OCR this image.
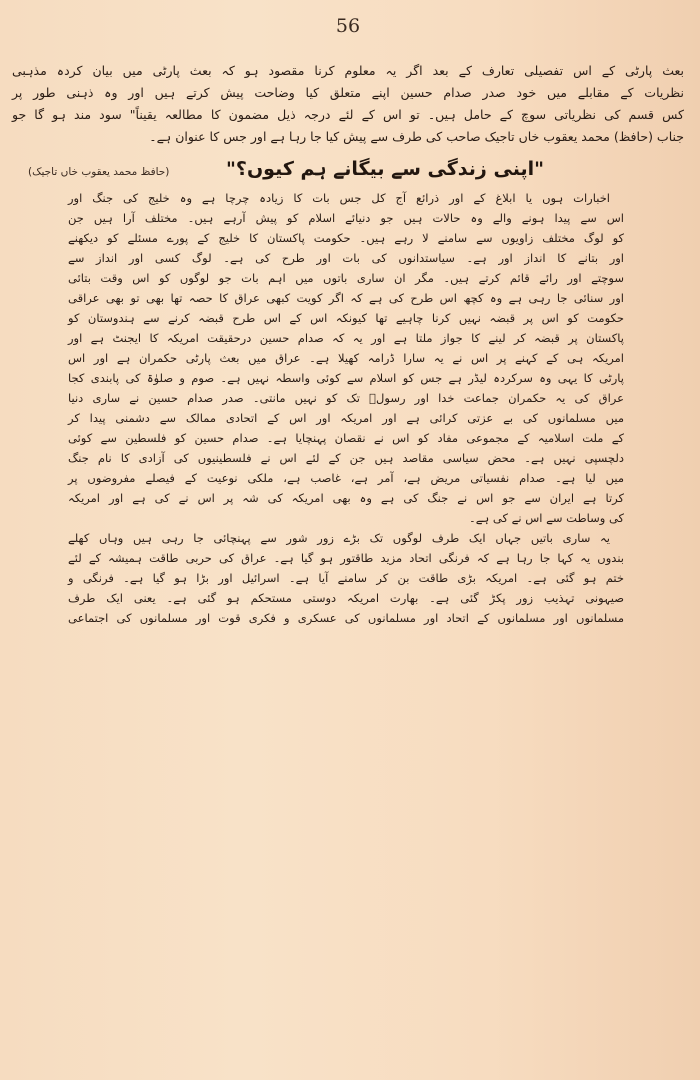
56
بعث پارٹی کے اس تفصیلی تعارف کے بعد اگر یہ معلوم کرنا مقصود ہو کہ بعث پارٹی میں بیان کردہ مذہبی
نظریات کے مقابلے میں خود صدر صدام حسین اپنے متعلق کیا وضاحت پیش کرتے ہیں اور وہ ذہنی طور پر
کس قسم کی نظریاتی سوچ کے حامل ہیں۔ تو اس کے لئے درجہ ذیل مضمون کا مطالعہ یقیناً" سود مند ہو گا جو
جناب (حافظ) محمد یعقوب خاں تاجیک صاحب کی طرف سے پیش کیا جا رہا ہے اور جس کا عنوان ہے۔
"اپنی زندگی سے بیگانے ہم کیوں؟"
(حافظ محمد یعقوب خاں تاجیک)
اخبارات ہوں یا ابلاغ کے اور ذرائع آج کل جس بات کا زیادہ چرچا ہے وہ خلیج کی جنگ اور
اس سے پیدا ہونے والے وہ حالات ہیں جو دنیائے اسلام کو پیش آرہے ہیں۔ مختلف آرا ہیں جن
کو لوگ مختلف زاویوں سے سامنے لا رہے ہیں۔ حکومت پاکستان کا خلیج کے پورے مسئلے کو دیکھنے
اور بتانے کا انداز اور ہے۔ سیاستدانوں کی بات اور طرح کی ہے۔ لوگ کسی اور انداز سے
سوچتے اور رائے قائم کرتے ہیں۔ مگر ان ساری باتوں میں اہم بات جو لوگوں کو اس وقت بتائی
اور سنائی جا رہی ہے وہ کچھ اس طرح کی ہے کہ اگر کویت کبھی عراق کا حصہ تھا بھی تو بھی عراقی
حکومت کو اس پر قبضہ نہیں کرنا چاہیے تھا کیونکہ اس کے اس طرح قبضہ کرنے سے ہندوستان کو
پاکستان پر قبضہ کر لینے کا جواز ملتا ہے اور یہ کہ صدام حسین درحقیقت امریکہ کا ایجنٹ ہے اور
امریکہ ہی کے کہنے پر اس نے یہ سارا ڈرامہ کھیلا ہے۔ عراق میں بعث پارٹی حکمران ہے اور اس
پارٹی کا یہی وہ سرکردہ لیڈر ہے جس کو اسلام سے کوئی واسطہ نہیں ہے۔ صوم و صلوٰۃ کی پابندی کجا
عراق کی یہ حکمران جماعت خدا اور رسولؐ تک کو نہیں مانتی۔ صدر صدام حسین نے ساری دنیا
میں مسلمانوں کی بے عزتی کرائی ہے اور امریکہ اور اس کے اتحادی ممالک سے دشمنی پیدا کر
کے ملت اسلامیہ کے مجموعی مفاد کو اس نے نقصان پہنچایا ہے۔ صدام حسین کو فلسطین سے کوئی
دلچسپی نہیں ہے۔ محض سیاسی مقاصد ہیں جن کے لئے اس نے فلسطینیوں کی آزادی کا نام جنگ
میں لیا ہے۔ صدام نفسیاتی مریض ہے، آمر ہے، غاصب ہے، ملکی نوعیت کے فیصلے مفروضوں پر
کرتا ہے ایران سے جو اس نے جنگ کی ہے وہ بھی امریکہ کی شہ پر اس نے کی ہے اور امریکہ
کی وساطت سے اس نے کی ہے۔
یہ ساری باتیں جہاں ایک طرف لوگوں تک بڑے زور شور سے پہنچائی جا رہی ہیں وہاں کھلے
بندوں یہ کہا جا رہا ہے کہ فرنگی اتحاد مزید طاقتور ہو گیا ہے۔ عراق کی حربی طاقت ہمیشہ کے لئے
ختم ہو گئی ہے۔ امریکہ بڑی طاقت بن کر سامنے آیا ہے۔ اسرائیل اور بڑا ہو گیا ہے۔ فرنگی و
صیہونی تہذیب زور پکڑ گئی ہے۔ بھارت امریکہ دوستی مستحکم ہو گئی ہے۔ یعنی ایک طرف
مسلمانوں اور مسلمانوں کے اتحاد اور مسلمانوں کی عسکری و فکری قوت اور مسلمانوں کی اجتماعی
